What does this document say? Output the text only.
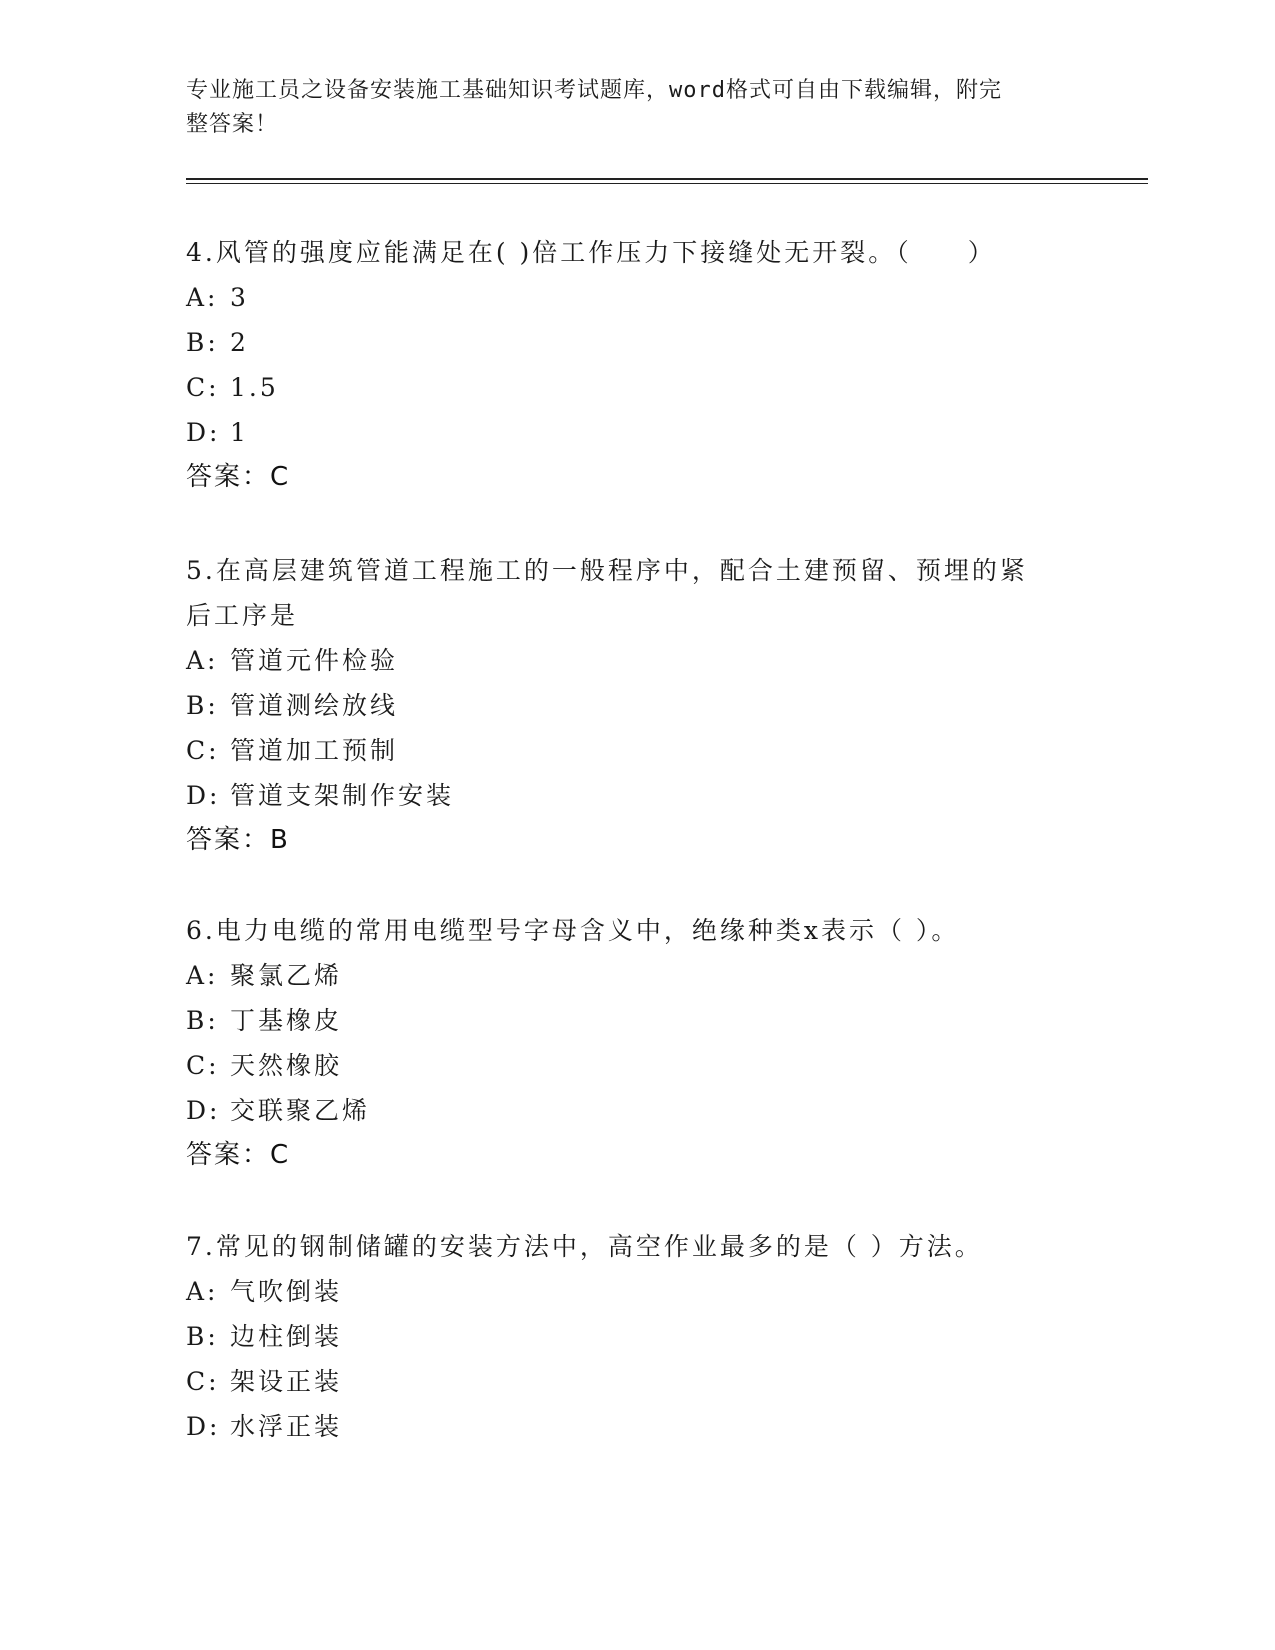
专业施工员之设备安装施工基础知识考试题库，word格式可自由下载编辑，附完
整答案！
4.风管的强度应能满足在( )倍工作压力下接缝处无开裂。（　　）
A: 3
B: 2
C: 1.5
D: 1
答案：C
5.在高层建筑管道工程施工的一般程序中，配合土建预留、预埋的紧
后工序是
A: 管道元件检验
B: 管道测绘放线
C: 管道加工预制
D: 管道支架制作安装
答案：B
6.电力电缆的常用电缆型号字母含义中，绝缘种类x表示（ ）。
A: 聚氯乙烯
B: 丁基橡皮
C: 天然橡胶
D: 交联聚乙烯
答案：C
7.常见的钢制储罐的安装方法中，高空作业最多的是（ ）方法。
A: 气吹倒装
B: 边柱倒装
C: 架设正装
D: 水浮正装
